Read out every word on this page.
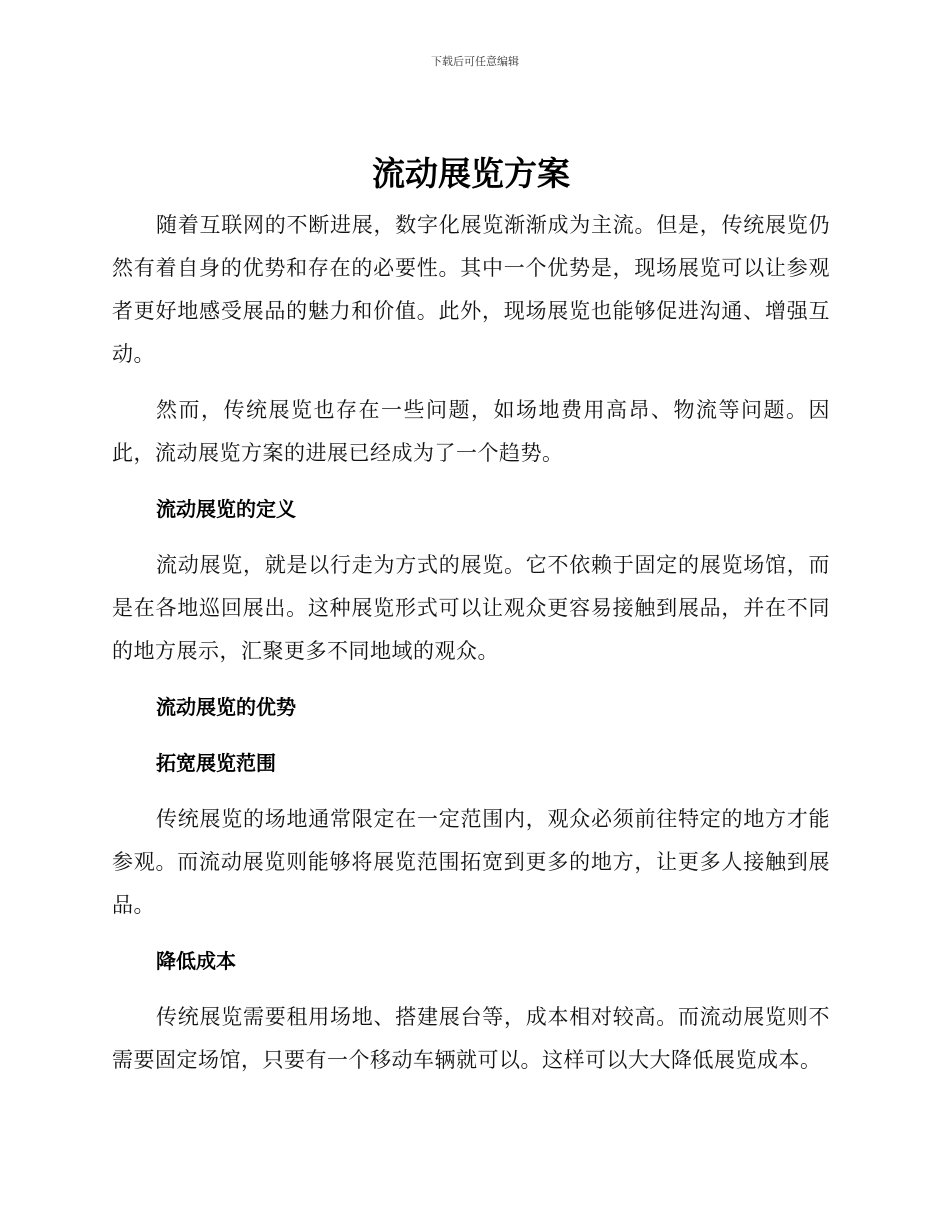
下载后可任意编辑
流动展览方案

随着互联网的不断进展，数字化展览渐渐成为主流。但是，传统展览仍然有着自身的优势和存在的必要性。其中一个优势是，现场展览可以让参观者更好地感受展品的魅力和价值。此外，现场展览也能够促进沟通、增强互动。

然而，传统展览也存在一些问题，如场地费用高昂、物流等问题。因此，流动展览方案的进展已经成为了一个趋势。

流动展览的定义

流动展览，就是以行走为方式的展览。它不依赖于固定的展览场馆，而是在各地巡回展出。这种展览形式可以让观众更容易接触到展品，并在不同的地方展示，汇聚更多不同地域的观众。

流动展览的优势
拓宽展览范围

传统展览的场地通常限定在一定范围内，观众必须前往特定的地方才能参观。而流动展览则能够将展览范围拓宽到更多的地方，让更多人接触到展品。

降低成本

传统展览需要租用场地、搭建展台等，成本相对较高。而流动展览则不需要固定场馆，只要有一个移动车辆就可以。这样可以大大降低展览成本。
